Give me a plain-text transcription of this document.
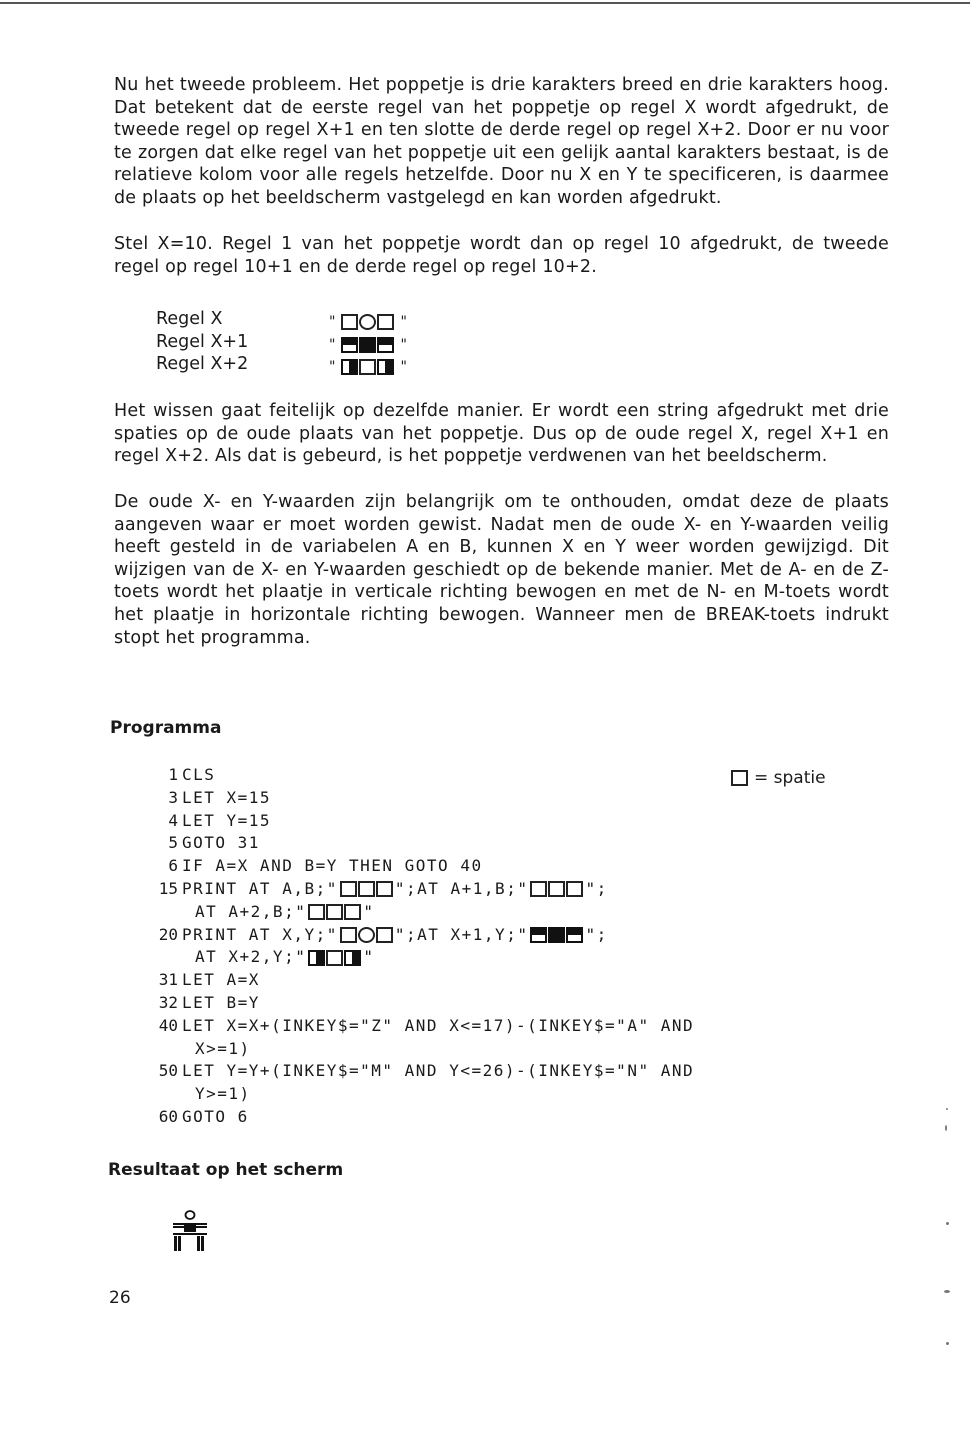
Nu het tweede probleem. Het poppetje is drie karakters breed en drie karakters hoog. Dat betekent dat de eerste regel van het poppetje op regel X wordt afgedrukt, de tweede regel op regel X+1 en ten slotte de derde regel op regel X+2. Door er nu voor te zorgen dat elke regel van het poppetje uit een gelijk aantal karakters bestaat, is de relatieve kolom voor alle regels hetzelfde. Door nu X en Y te specificeren, is daarmee de plaats op het beeldscherm vastgelegd en kan worden afgedrukt.

Stel X=10. Regel 1 van het poppetje wordt dan op regel 10 afgedrukt, de tweede regel op regel 10+1 en de derde regel op regel 10+2.

Regel X	"	"
Regel X+1	"	"
Regel X+2	"	"

Het wissen gaat feitelijk op dezelfde manier. Er wordt een string afgedrukt met drie spaties op de oude plaats van het poppetje. Dus op de oude regel X, regel X+1 en regel X+2. Als dat is gebeurd, is het poppetje verdwenen van het beeldscherm.

De oude X- en Y-waarden zijn belangrijk om te onthouden, omdat deze de plaats aangeven waar er moet worden gewist. Nadat men de oude X- en Y-waarden veilig heeft gesteld in de variabelen A en B, kunnen X en Y weer worden gewijzigd. Dit wijzigen van de X- en Y-waarden geschiedt op de bekende manier. Met de A- en de Z-toets wordt het plaatje in verticale richting bewogen en met de N- en M-toets wordt het plaatje in horizontale richting bewogen. Wanneer men de BREAK-toets indrukt stopt het programma.

Programma
= spatie
1 CLS
3 LET X=15
4 LET Y=15
5 GOTO 31
6 IF A=X AND B=Y THEN GOTO 40
15 PRINT AT A,B;"	";AT A+1,B;"	";
AT A+2,B;"	"
20 PRINT AT X,Y;"	";AT X+1,Y;"	";
AT X+2,Y;"	"
31 LET A=X
32 LET B=Y
40 LET X=X+(INKEY$="Z" AND X<=17)-(INKEY$="A" AND
X>=1)
50 LET Y=Y+(INKEY$="M" AND Y<=26)-(INKEY$="N" AND
Y>=1)
60 GOTO 6
Resultaat op het scherm
26
